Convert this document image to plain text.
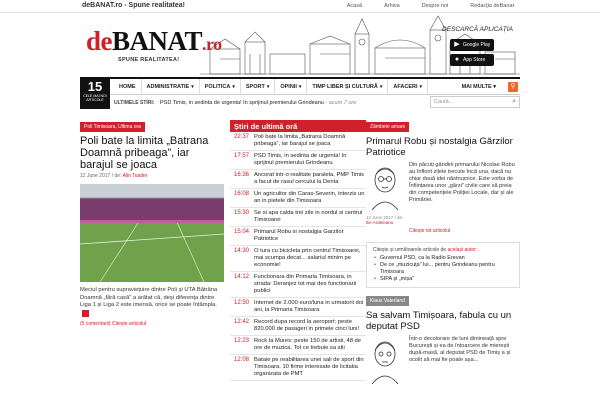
deBANAT.ro - Spune realitatea!	Acasă	Arhiva	Despre noi	Redacția deBanat
deBANAT.ro
SPUNE REALITATEA!
DESCARCĂ APLICAȚIA
▶ Google Play
● App Store
15
CELE MAI NOI ARTICOLE
HOME	ADMINISTRATIE ▾	POLITICA ▾	SPORT ▾	OPINII ▾	TIMP LIBER ȘI CULTURĂ ▾	AFACERI ▾	MAI MULTE ▾	⚲
ULTIMELE STIRI: PSD Timis, in sedinta de urgenta! In sprijinul premierului Grindeanu - acum 7 ore	Caută...	⌕
Poli Timisoara, Ultima ora
Poli bate la limita „Batrana Doamnă pribeaga”, iar barajul se joaca
12 June 2017 / de: Alin Toader

Meciul pentru supraviețuire dintre Poli și UTA Bătrâna Doamnă „fără casă” a arătat că, deși diferența dintre Liga 1 și Liga 2 este imensă, orice se poate întâmpla.

(5 comentarii) Citește articolul
Știri de ultimă oră
22:37 Poli bate la limita „Batrana Doamnă pribeaga”, iar barajul se joaca
17:57 PSD Timis, in sedinta de urgenta! In sprijinul premierului Grindeanu
16:36 Ancorat intr-o realitate paralela, PMP Timis a facut de rasul cercului la Denta
16:08 Un agricultor din Caras-Severin, interzis un an in pietele din Timisoara
15:30 Se si apa calda trei zile in nordul si centrul Timisoarei
15:04 Primarul Robu si nostalgia Garzilor Patriotice
14:30 O tura cu bicicleta prin centrul Timisoarei, mai scumpa decat... salariul minim pe economie!
14:12 Functionara din Primaria Timisoara, in strada: Deranjez tot mai des functionarii publici
12:50 Internet de 2.000 euro/luna in urmatorii doi ani, la Primaria Timisoara
12:42 Record dupa record la aeroport: peste 820.000 de pasageri in primele cinci luni!
12:23 Rock la Mures: peste 150 de artisti, 48 de ore de muzica. Tot ce trebuie sa stii
12:08 Bataie pe reabilitarea unei sali de sport din Timisoara. 10 firme interesate de licitatia organizata de PMT
Zâmbete amare
Primarul Robu și nostalgia Gărzilor Patriotice
12 June 2017 / de:
Ilie Ardeleanu

Din păcuți gândirii primarului Nicolae Robu au înflorit zilele trecute încă una, dacă nu chiar două idei năstrușnice. Este vorba de Înființarea unor „gărzi” civile care să preia din competențele Poliției Locale, dar și ale Primăriei.

Citește tot articolul
Citește și următoarele articole de același autor:
• Guvernul PSD, ca la Radio Erevan
• De ce „muzicuța” lui... pentru Grindeanu pentru Timisoara
• SIPA și „mișa”
Klaus Vaterland
Sa salvam Timișoara, fabula cu un deputat PSD

Într-o decolorare de luni dimineață spre București și ea de întoarcere de mierești după-masă, al deputat PSD de Timiș a și ocolit să mai fie poate așa...
